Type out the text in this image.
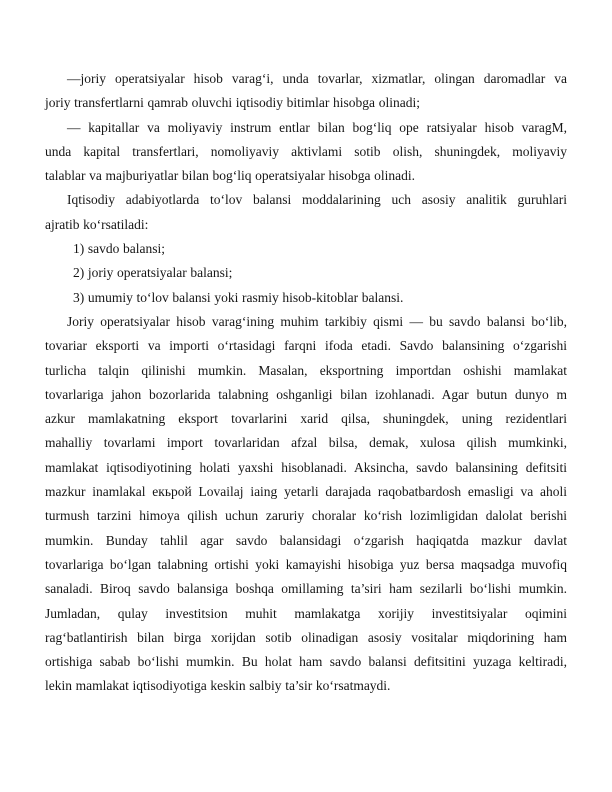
—joriy operatsiyalar hisob varag‘i, unda tovarlar, xizmatlar, olingan daromadlar va
joriy transfertlarni qamrab oluvchi iqtisodiy bitimlar hisobga olinadi;
— kapitallar va moliyaviy instrum entlar bilan bog‘liq ope ratsiyalar hisob varagM,
unda kapital transfertlari, nomoliyaviy aktivlami sotib olish, shuningdek, moliyaviy
talablar va majburiyatlar bilan bog‘liq operatsiyalar hisobga olinadi.
Iqtisodiy adabiyotlarda to‘lov balansi moddalarining uch asosiy analitik guruhlari
ajratib ko‘rsatiladi:
1) savdo balansi;
2) joriy operatsiyalar balansi;
3) umumiy to‘lov balansi yoki rasmiy hisob-kitoblar balansi.
Joriy operatsiyalar hisob varag‘ining muhim tarkibiy qismi — bu savdo balansi bo‘lib,
tovariar eksporti va importi o‘rtasidagi farqni ifoda etadi. Savdo balansining o‘zgarishi
turlicha talqin qilinishi mumkin. Masalan, eksportning importdan oshishi mamlakat
tovarlariga jahon bozorlarida talabning oshganligi bilan izohlanadi. Agar butun dunyo m
azkur mamlakatning eksport tovarlarini xarid qilsa, shuningdek, uning rezidentlari
mahalliy tovarlami import tovarlaridan afzal bilsa, demak, xulosa qilish mumkinki,
mamlakat iqtisodiyotining holati yaxshi hisoblanadi. Aksincha, savdo balansining defitsiti
mazkur inamlakal екьрой Lovailaj iaing yetarli darajada raqobatbardosh emasligi va aholi
turmush tarzini himoya qilish uchun zaruriy choralar ko‘rish lozimligidan dalolat berishi
mumkin. Bunday tahlil agar savdo balansidagi o‘zgarish haqiqatda mazkur davlat
tovarlariga bo‘lgan talabning ortishi yoki kamayishi hisobiga yuz bersa maqsadga muvofiq
sanaladi. Biroq savdo balansiga boshqa omillaming ta’siri ham sezilarli bo‘lishi mumkin.
Jumladan, qulay investitsion muhit mamlakatga xorijiy investitsiyalar oqimini
rag‘batlantirish bilan birga xorijdan sotib olinadigan asosiy vositalar miqdorining ham
ortishiga sabab bo‘lishi mumkin. Bu holat ham savdo balansi defitsitini yuzaga keltiradi,
lekin mamlakat iqtisodiyotiga keskin salbiy ta’sir ko‘rsatmaydi.
